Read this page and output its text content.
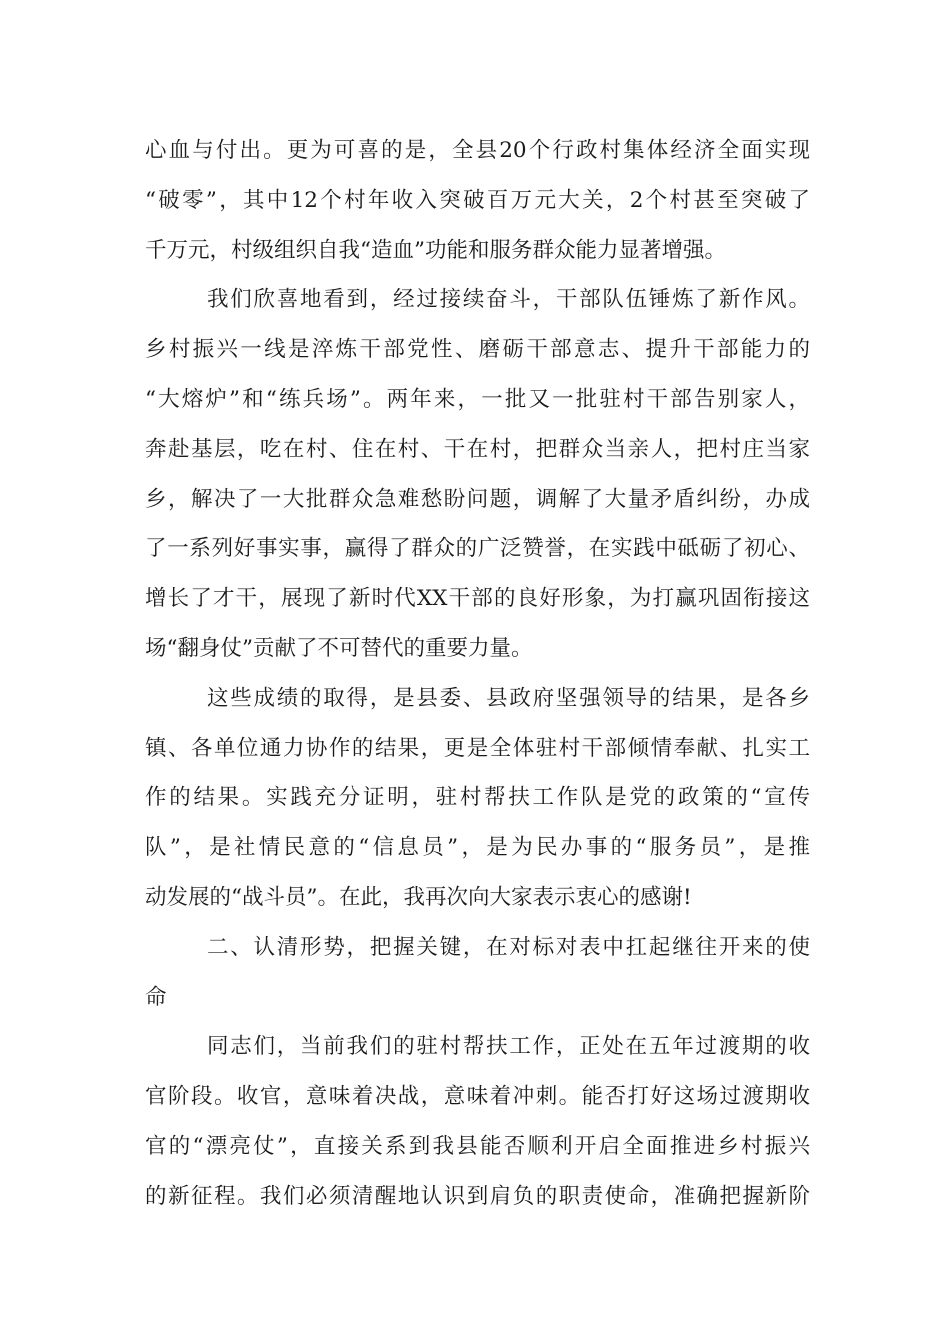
心血与付出。更为可喜的是，全县20个行政村集体经济全面实现
“破零”，其中12个村年收入突破百万元大关，2个村甚至突破了
千万元，村级组织自我“造血”功能和服务群众能力显著增强。
我们欣喜地看到，经过接续奋斗，干部队伍锤炼了新作风。
乡村振兴一线是淬炼干部党性、磨砺干部意志、提升干部能力的
“大熔炉”和“练兵场”。两年来，一批又一批驻村干部告别家人，
奔赴基层，吃在村、住在村、干在村，把群众当亲人，把村庄当家
乡，解决了一大批群众急难愁盼问题，调解了大量矛盾纠纷，办成
了一系列好事实事，赢得了群众的广泛赞誉，在实践中砥砺了初心、
增长了才干，展现了新时代XX干部的良好形象，为打赢巩固衔接这
场“翻身仗”贡献了不可替代的重要力量。
这些成绩的取得，是县委、县政府坚强领导的结果，是各乡
镇、各单位通力协作的结果，更是全体驻村干部倾情奉献、扎实工
作的结果。实践充分证明，驻村帮扶工作队是党的政策的“宣传
队”，是社情民意的“信息员”，是为民办事的“服务员”，是推
动发展的“战斗员”。在此，我再次向大家表示衷心的感谢!
二、认清形势，把握关键，在对标对表中扛起继往开来的使
命
同志们，当前我们的驻村帮扶工作，正处在五年过渡期的收
官阶段。收官，意味着决战，意味着冲刺。能否打好这场过渡期收
官的“漂亮仗”，直接关系到我县能否顺利开启全面推进乡村振兴
的新征程。我们必须清醒地认识到肩负的职责使命，准确把握新阶
